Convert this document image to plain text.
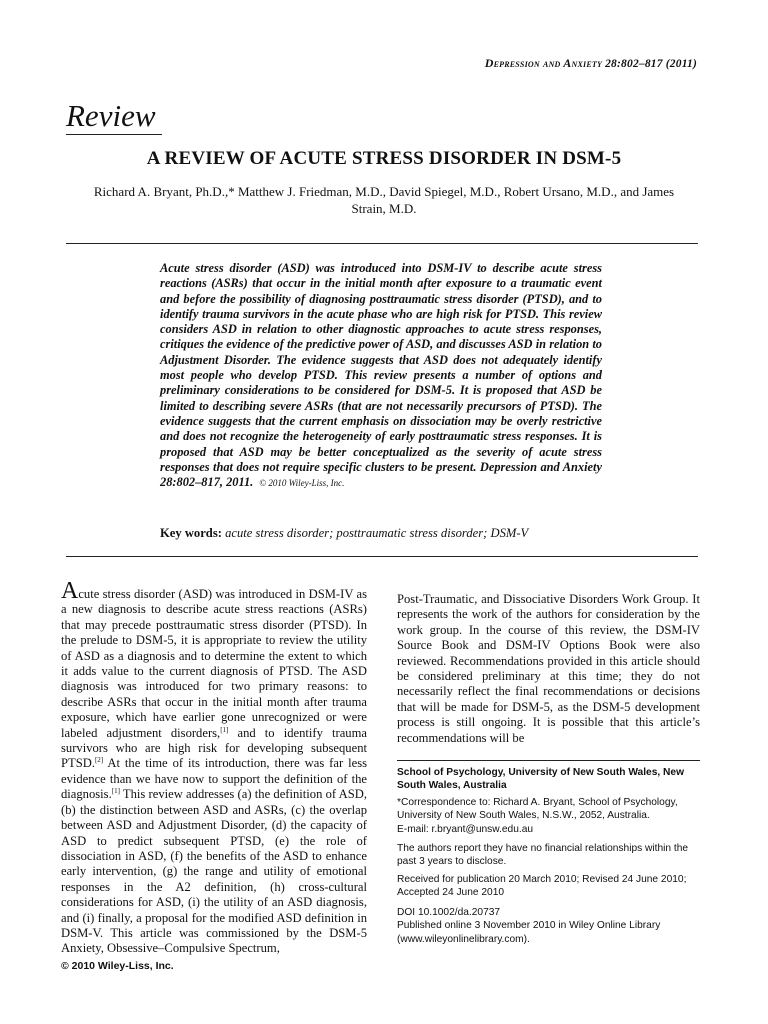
Depression and Anxiety 28:802–817 (2011)
Review
A REVIEW OF ACUTE STRESS DISORDER IN DSM-5
Richard A. Bryant, Ph.D.,* Matthew J. Friedman, M.D., David Spiegel, M.D., Robert Ursano, M.D., and James Strain, M.D.
Acute stress disorder (ASD) was introduced into DSM-IV to describe acute stress reactions (ASRs) that occur in the initial month after exposure to a traumatic event and before the possibility of diagnosing posttraumatic stress disorder (PTSD), and to identify trauma survivors in the acute phase who are high risk for PTSD. This review considers ASD in relation to other diagnostic approaches to acute stress responses, critiques the evidence of the predictive power of ASD, and discusses ASD in relation to Adjustment Disorder. The evidence suggests that ASD does not adequately identify most people who develop PTSD. This review presents a number of options and preliminary considerations to be considered for DSM-5. It is proposed that ASD be limited to describing severe ASRs (that are not necessarily precursors of PTSD). The evidence suggests that the current emphasis on dissociation may be overly restrictive and does not recognize the heterogeneity of early posttraumatic stress responses. It is proposed that ASD may be better conceptualized as the severity of acute stress responses that does not require specific clusters to be present. Depression and Anxiety 28:802–817, 2011. © 2010 Wiley-Liss, Inc.
Key words: acute stress disorder; posttraumatic stress disorder; DSM-V
Acute stress disorder (ASD) was introduced in DSM-IV as a new diagnosis to describe acute stress reactions (ASRs) that may precede posttraumatic stress disorder (PTSD). In the prelude to DSM-5, it is appropriate to review the utility of ASD as a diagnosis and to determine the extent to which it adds value to the current diagnosis of PTSD. The ASD diagnosis was introduced for two primary reasons: to describe ASRs that occur in the initial month after trauma exposure, which have earlier gone unrecognized or were labeled adjustment disorders,[1] and to identify trauma survivors who are high risk for developing subsequent PTSD.[2] At the time of its introduction, there was far less evidence than we have now to support the definition of the diagnosis.[1] This review addresses (a) the definition of ASD, (b) the distinction between ASD and ASRs, (c) the overlap between ASD and Adjustment Disorder, (d) the capacity of ASD to predict subsequent PTSD, (e) the role of dissociation in ASD, (f) the benefits of the ASD to enhance early intervention, (g) the range and utility of emotional responses in the A2 definition, (h) cross-cultural considerations for ASD, (i) the utility of an ASD diagnosis, and (i) finally, a proposal for the modified ASD definition in DSM-V. This article was commissioned by the DSM-5 Anxiety, Obsessive–Compulsive Spectrum,
Post-Traumatic, and Dissociative Disorders Work Group. It represents the work of the authors for consideration by the work group. In the course of this review, the DSM-IV Source Book and DSM-IV Options Book were also reviewed. Recommendations provided in this article should be considered preliminary at this time; they do not necessarily reflect the final recommendations or decisions that will be made for DSM-5, as the DSM-5 development process is still ongoing. It is possible that this article’s recommendations will be
School of Psychology, University of New South Wales, New South Wales, Australia
*Correspondence to: Richard A. Bryant, School of Psychology, University of New South Wales, N.S.W., 2052, Australia.
E-mail: r.bryant@unsw.edu.au
The authors report they have no financial relationships within the past 3 years to disclose.
Received for publication 20 March 2010; Revised 24 June 2010; Accepted 24 June 2010
DOI 10.1002/da.20737
Published online 3 November 2010 in Wiley Online Library (www.wileyonlinelibrary.com).
© 2010 Wiley-Liss, Inc.
